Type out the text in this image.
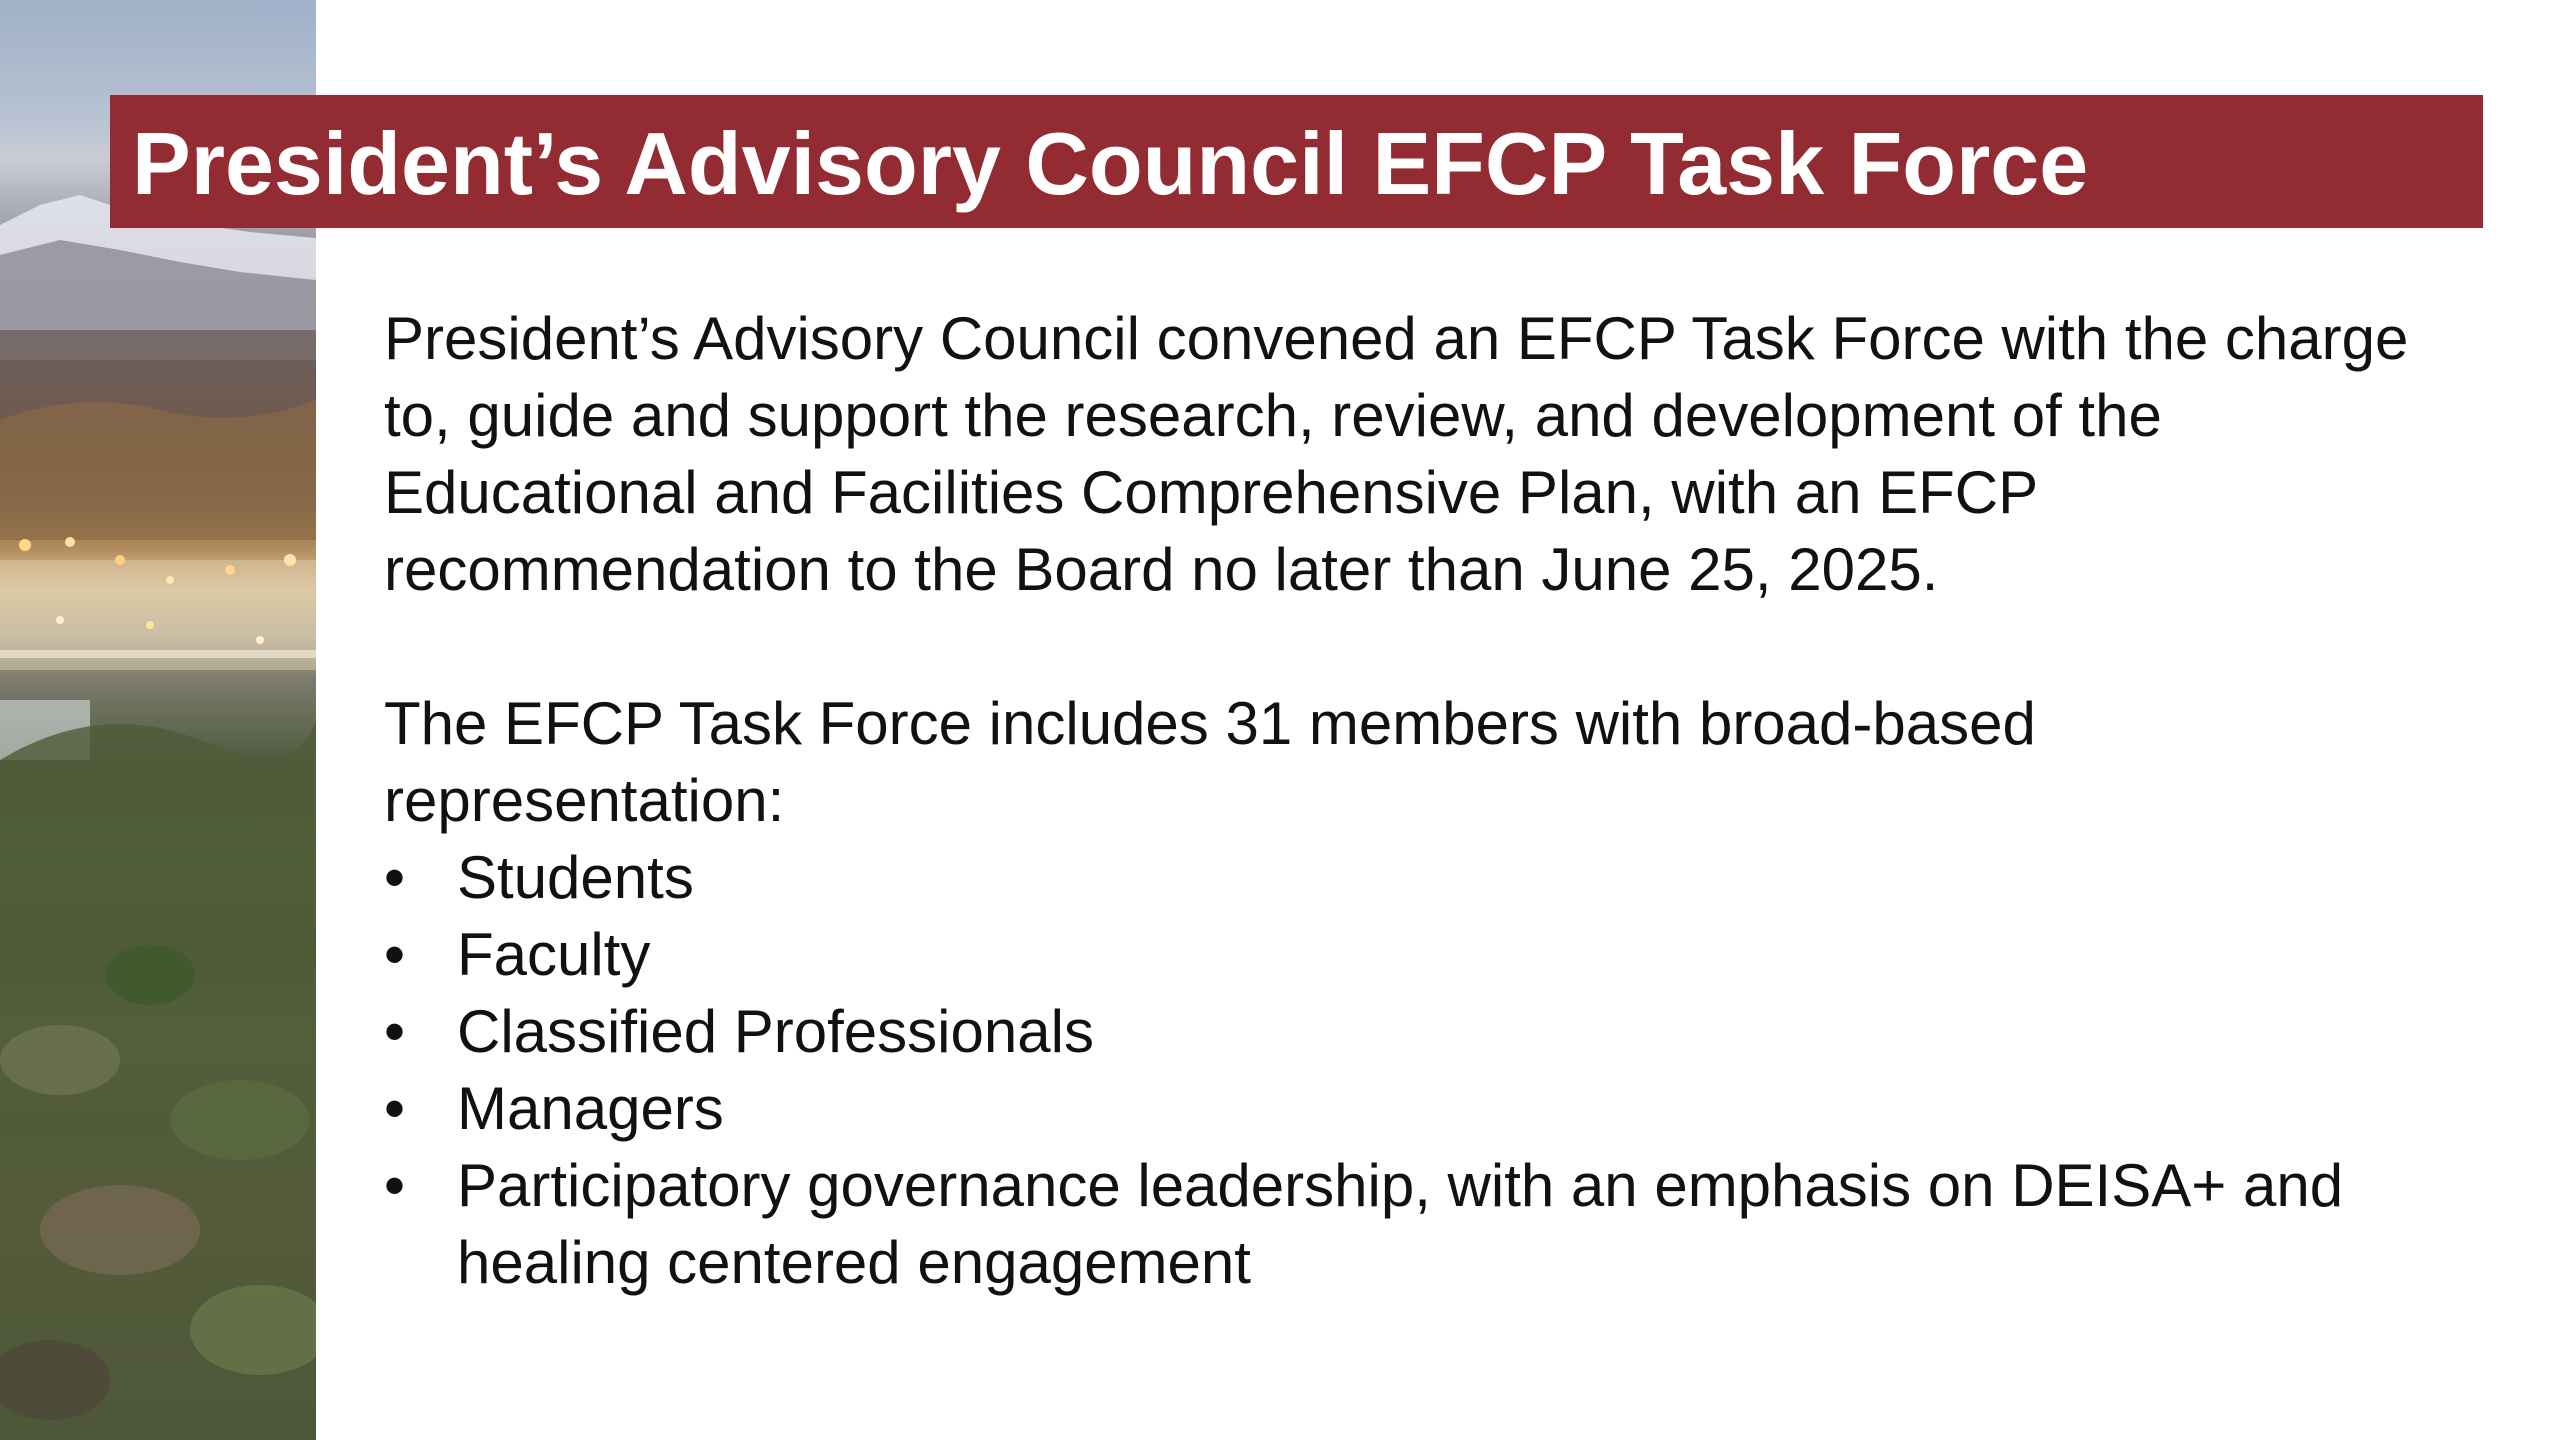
President’s Advisory Council EFCP Task Force

President’s Advisory Council convened an EFCP Task Force with the charge to, guide and support the research, review, and development of the Educational and Facilities Comprehensive Plan, with an EFCP recommendation to the Board no later than June 25, 2025.

The EFCP Task Force includes 31 members with broad-based representation:

• Students
• Faculty
• Classified Professionals
• Managers
• Participatory governance leadership, with an emphasis on DEISA+ and healing centered engagement
